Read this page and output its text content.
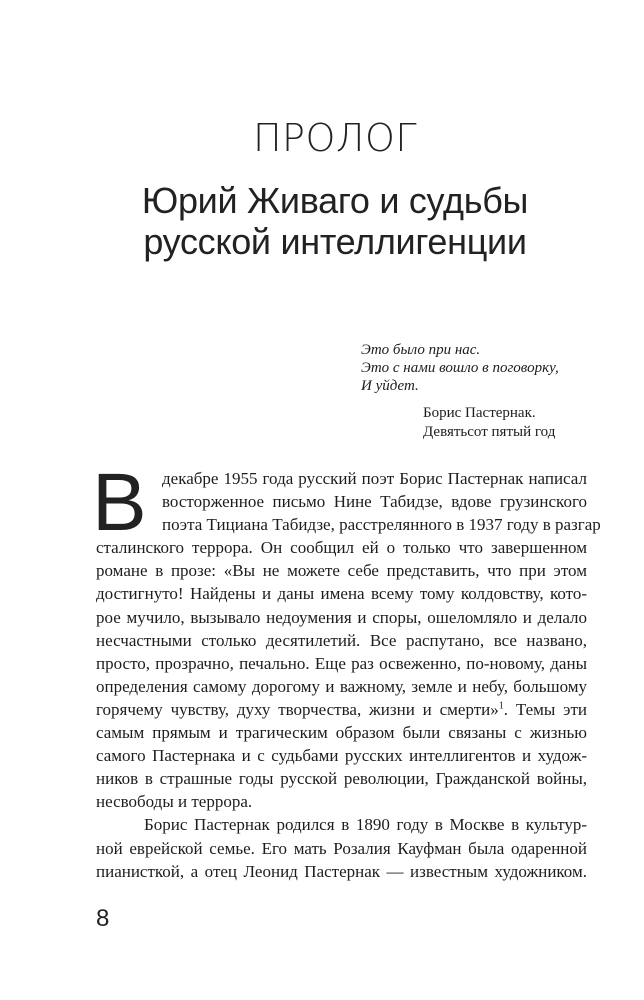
ПРОЛОГ
Юрий Живаго и судьбы
русской интеллигенции
Это было при нас.
Это с нами вошло в поговорку,
И уйдет.
Борис Пастернак.
Девятьсот пятый год
В декабре 1955 года русский поэт Борис Пастернак написал
восторженное письмо Нине Табидзе, вдове грузинского
поэта Тициана Табидзе, расстрелянного в 1937 году в разгар
сталинского террора. Он сообщил ей о только что завершенном
романе в прозе: «Вы не можете себе представить, что при этом
достигнуто! Найдены и даны имена всему тому колдовству, кото-
рое мучило, вызывало недоумения и споры, ошеломляло и делало
несчастными столько десятилетий. Все распутано, все названо,
просто, прозрачно, печально. Еще раз освеженно, по-новому, даны
определения самому дорогому и важному, земле и небу, большому
горячему чувству, духу творчества, жизни и смерти»$^1$. Темы эти
самым прямым и трагическим образом были связаны с жизнью
самого Пастернака и с судьбами русских интеллигентов и худож-
ников в страшные годы русской революции, Гражданской войны,
несвободы и террора.
Борис Пастернак родился в 1890 году в Москве в культур-
ной еврейской семье. Его мать Розалия Кауфман была одаренной
пианисткой, а отец Леонид Пастернак — известным художником.
8
